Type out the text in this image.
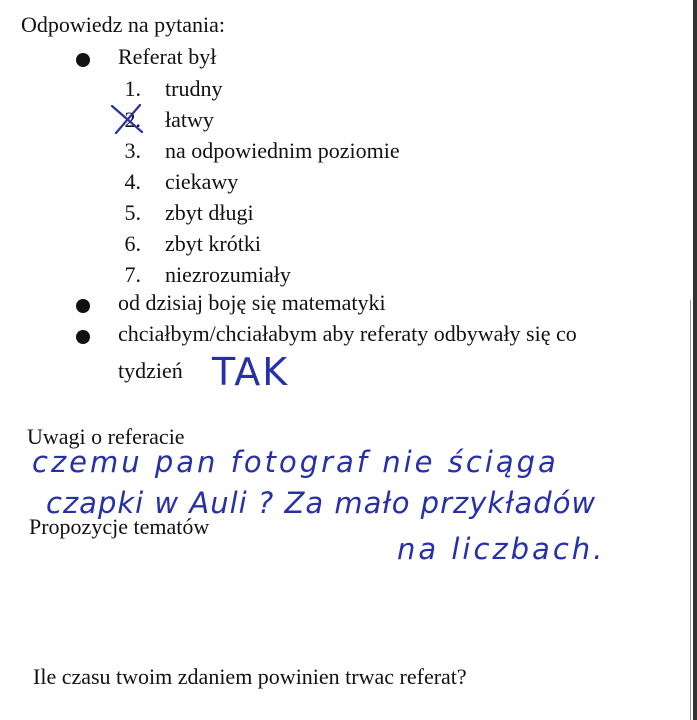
Odpowiedz na pytania:
Referat był
1. trudny
2. łatwy
3. na odpowiednim poziomie
4. ciekawy
5. zbyt długi
6. zbyt krótki
7. niezrozumiały
od dzisiaj boję się matematyki
chciałbym/chciałabym aby referaty odbywały się co
tydzień TAK
Uwagi o referacie
czemu pan fotograf nie ściąga
czapki w Auli ? Za mało przykładów
na liczbach.
Propozycje tematów
Ile czasu twoim zdaniem powinien trwac referat?
